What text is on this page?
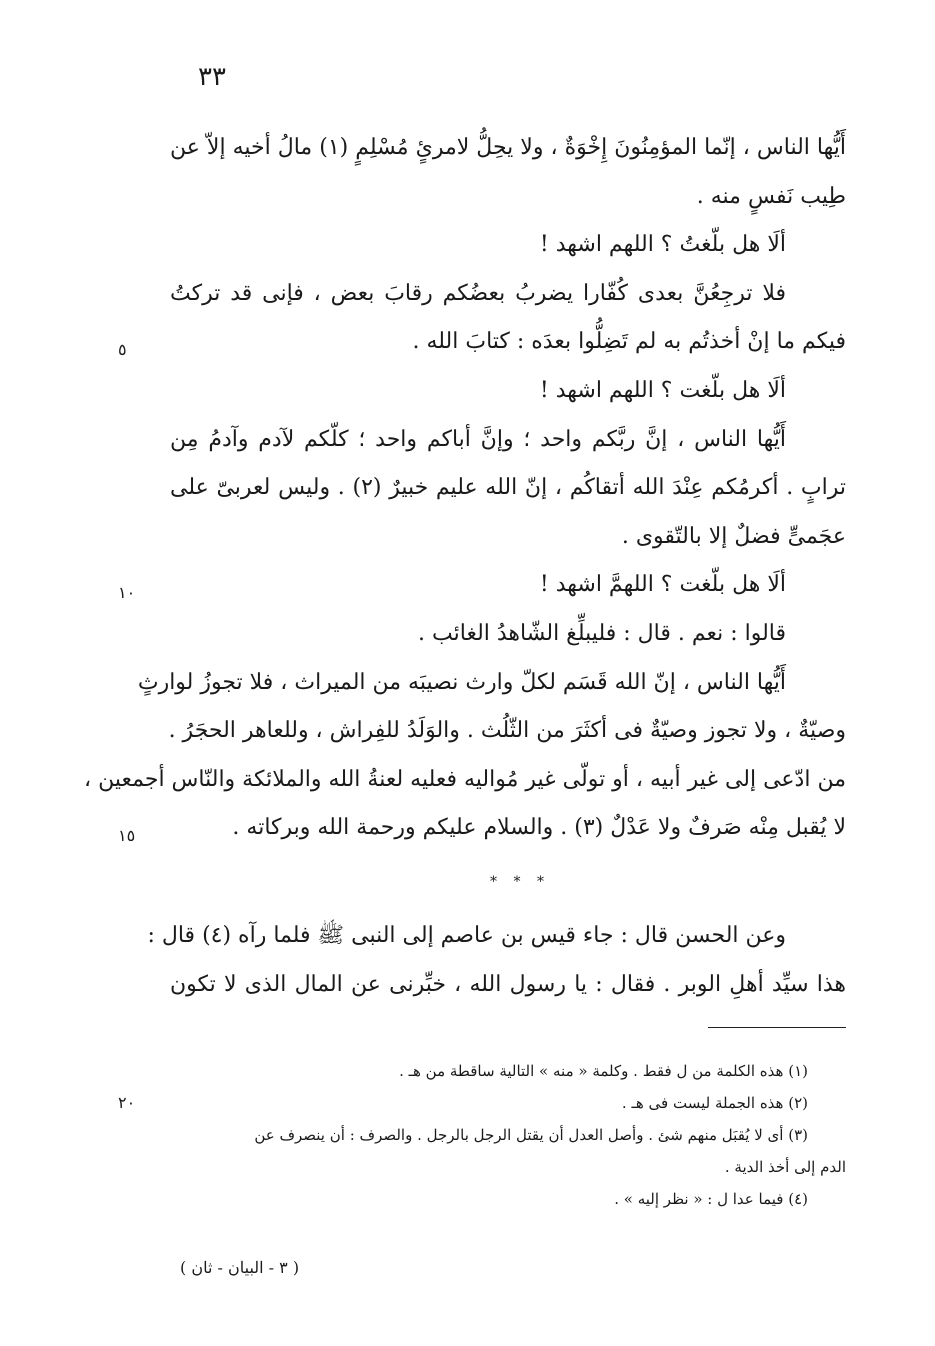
٣٣
أَيُّها الناس ، إنّما المؤمِنُونَ إِخْوَةٌ ، ولا يحِلُّ لامرئٍ مُسْلِمٍ (١) مالُ أخيه إلاّ عن
طِيب نَفسٍ منه .
ألَا هل بلّغتُ ؟ اللهم اشهد !
فلا ترجِعُنَّ بعدى كُفّارا يضربُ بعضُكم رقابَ بعض ، فإنى قد تركتُ
فيكم ما إنْ أخذتُم به لم تَضِلُّوا بعدَه : كتابَ الله .
ألَا هل بلّغت ؟ اللهم اشهد !
أَيُّها الناس ، إنَّ ربَّكم واحد ؛ وإنَّ أباكم واحد ؛ كلّكم لآدم وآدمُ مِن
ترابٍ . أكرمُكم عِنْدَ الله أتقاكُم ، إنّ الله عليم خبيرٌ (٢) . وليس لعربىّ على
عجَمىٍّ فضلٌ إلا بالتّقوى .
ألَا هل بلّغت ؟ اللهمَّ اشهد !
قالوا : نعم . قال : فليبلِّغ الشّاهدُ الغائب .
أَيُّها الناس ، إنّ الله قَسَم لكلّ وارث نصيبَه من الميراث ، فلا تجوزُ لوارثٍ
وصيّةٌ ، ولا تجوز وصيّةٌ فى أكثَرَ من الثّلُث . والوَلَدُ للفِراش ، وللعاهر الحجَرُ .
من ادّعى إلى غير أبيه ، أو تولّى غير مُواليه فعليه لعنةُ الله والملائكة والنّاس أجمعين ،
لا يُقبل مِنْه صَرفٌ ولا عَدْلٌ (٣) . والسلام عليكم ورحمة الله وبركاته .
وعن الحسن قال : جاء قيس بن عاصم إلى النبى ﷺ فلما رآه (٤) قال :
هذا سيِّد أهلِ الوبر . فقال : يا رسول الله ، خبِّرنى عن المال الذى لا تكون
٥
١٠
١٥
٢٠
* * *
(١) هذه الكلمة من ل فقط . وكلمة « منه » التالية ساقطة من هـ .
(٢) هذه الجملة ليست فى هـ .
(٣) أى لا يُقبَل منهم شئ . وأصل العدل أن يقتل الرجل بالرجل . والصرف : أن ينصرف عن
الدم إلى أخذ الدية .
(٤) فيما عدا ل : « نظر إليه » .
( ٣ - البيان - ثان )
